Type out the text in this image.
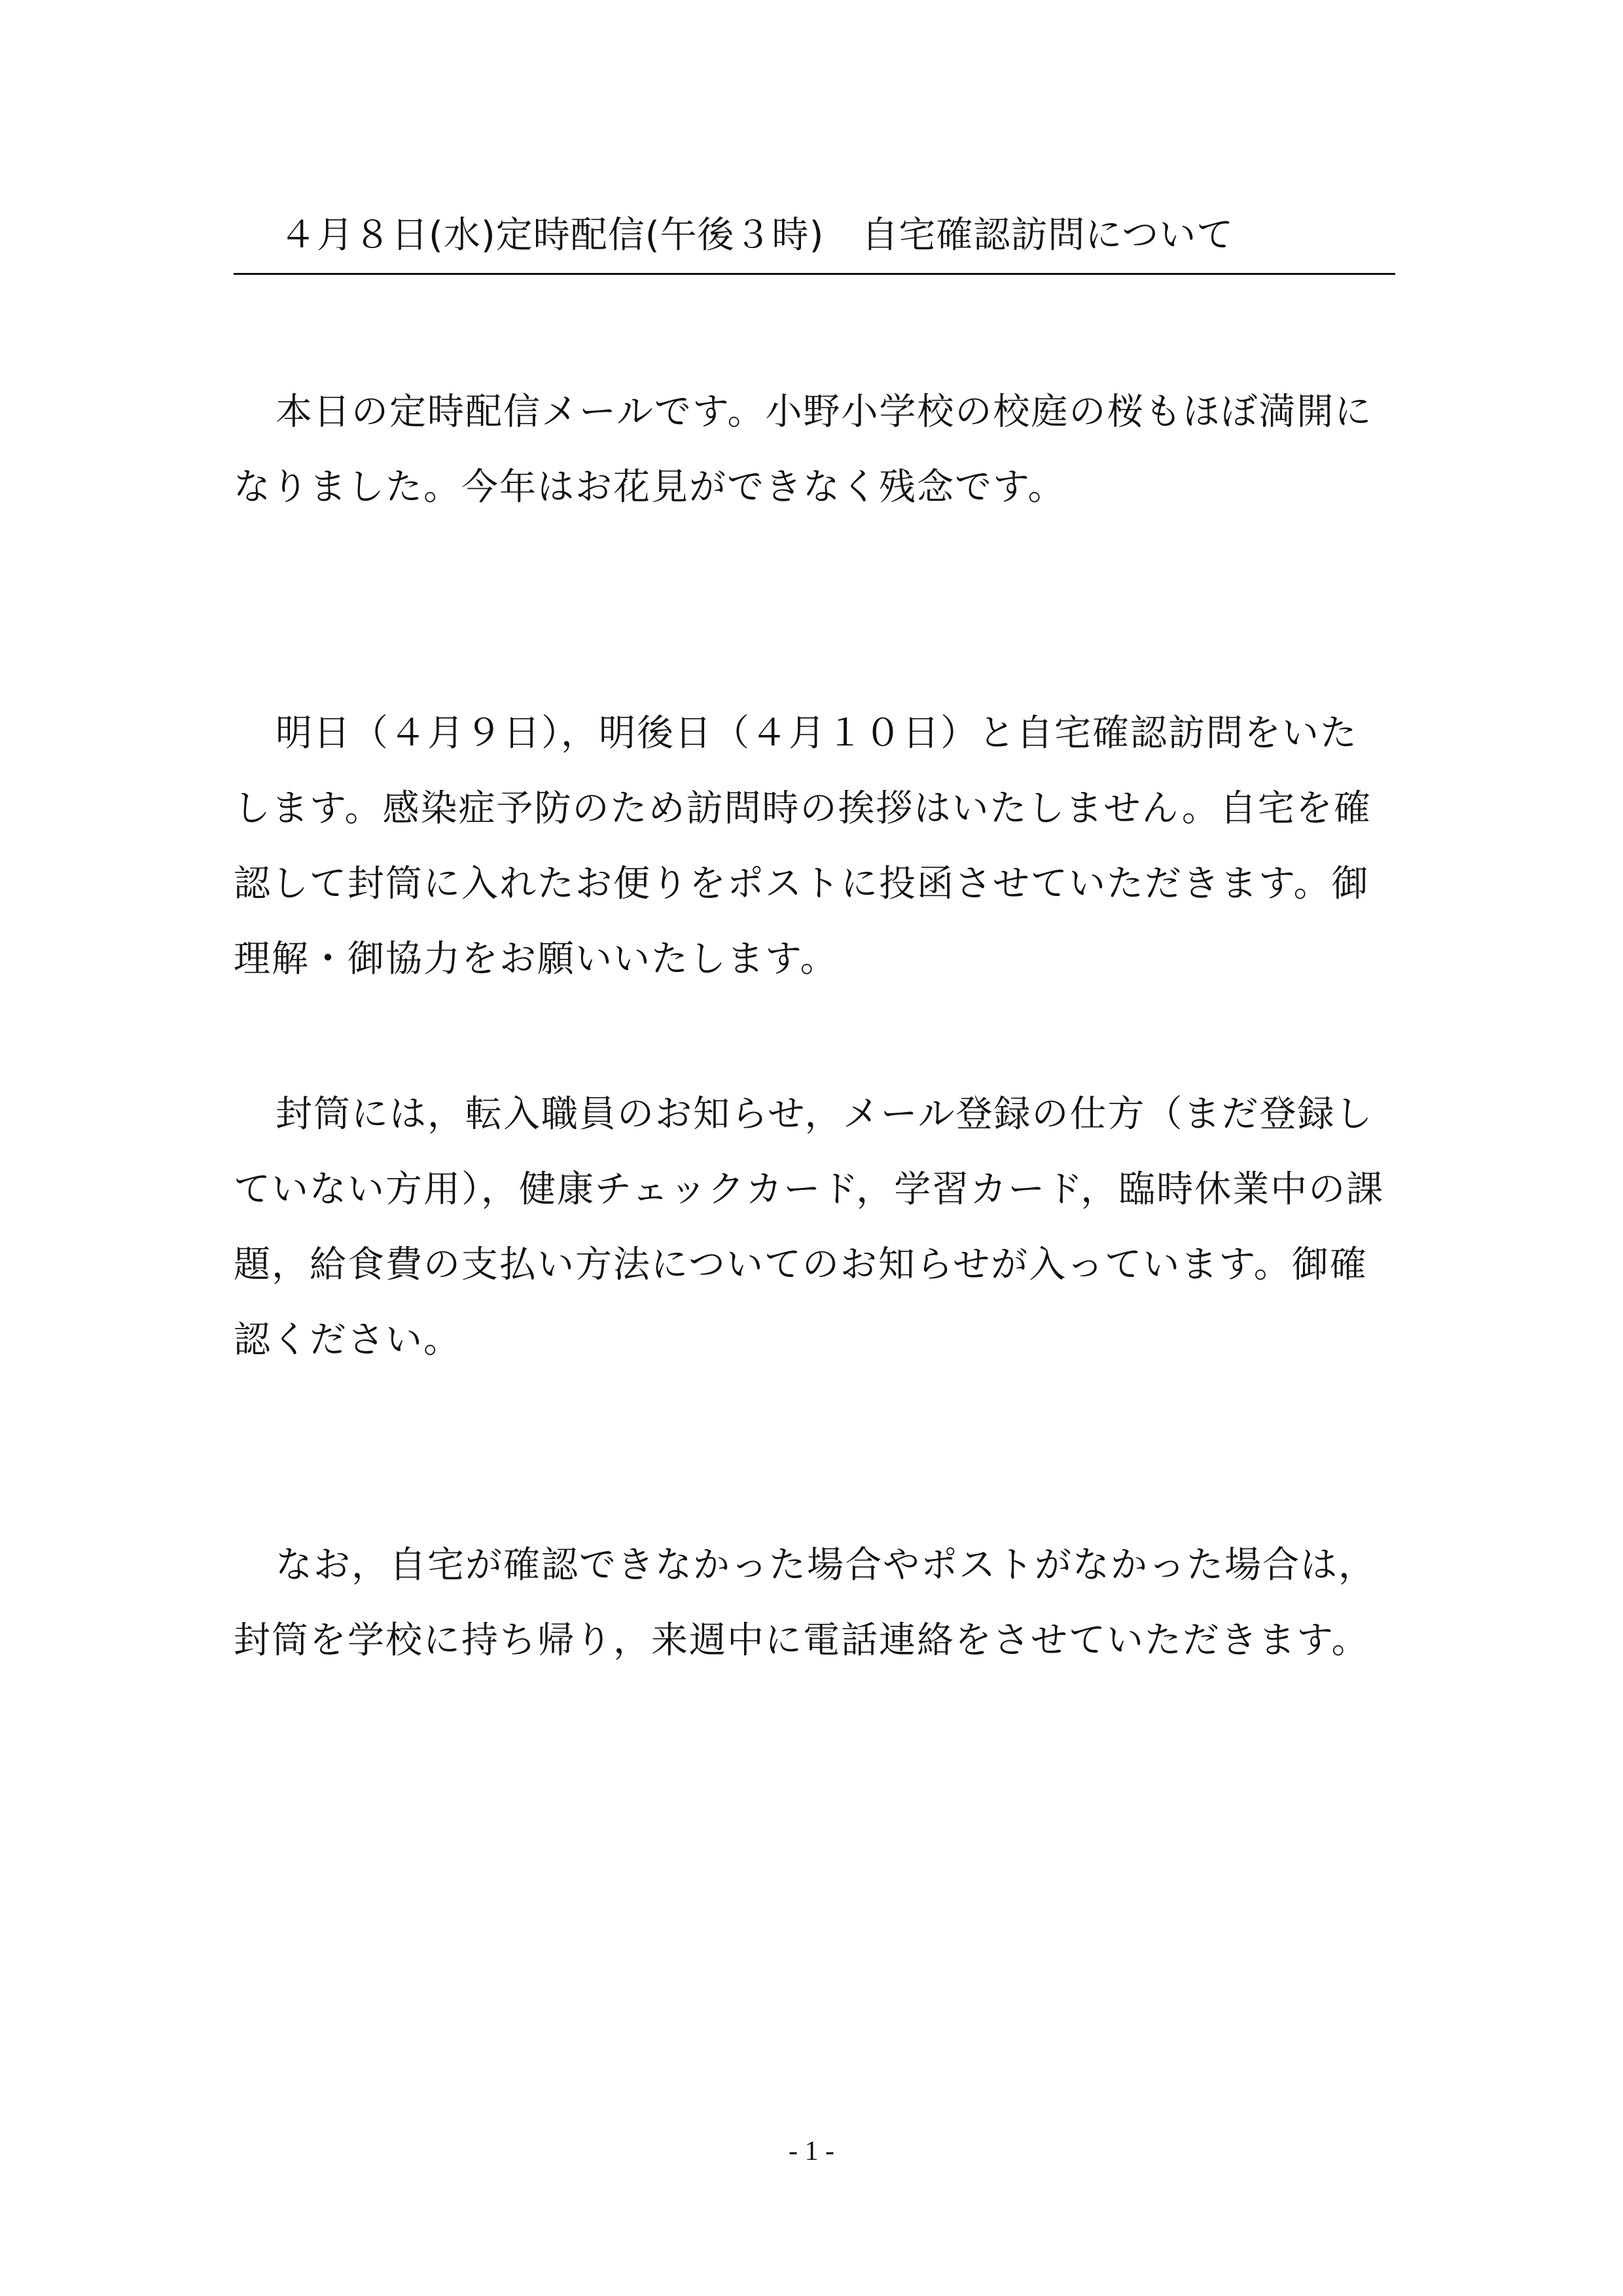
４月８日(水)定時配信(午後３時)　自宅確認訪問について

本日の定時配信メールです。小野小学校の校庭の桜もほぼ満開になりました。今年はお花見ができなく残念です。

明日（４月９日），明後日（４月１０日）と自宅確認訪問をいたします。感染症予防のため訪問時の挨拶はいたしません。自宅を確認して封筒に入れたお便りをポストに投函させていただきます。御理解・御協力をお願いいたします。

封筒には，転入職員のお知らせ，メール登録の仕方（まだ登録していない方用），健康チェックカード，学習カード，臨時休業中の課題，給食費の支払い方法についてのお知らせが入っています。御確認ください。

なお，自宅が確認できなかった場合やポストがなかった場合は，封筒を学校に持ち帰り，来週中に電話連絡をさせていただきます。

- 1 -
